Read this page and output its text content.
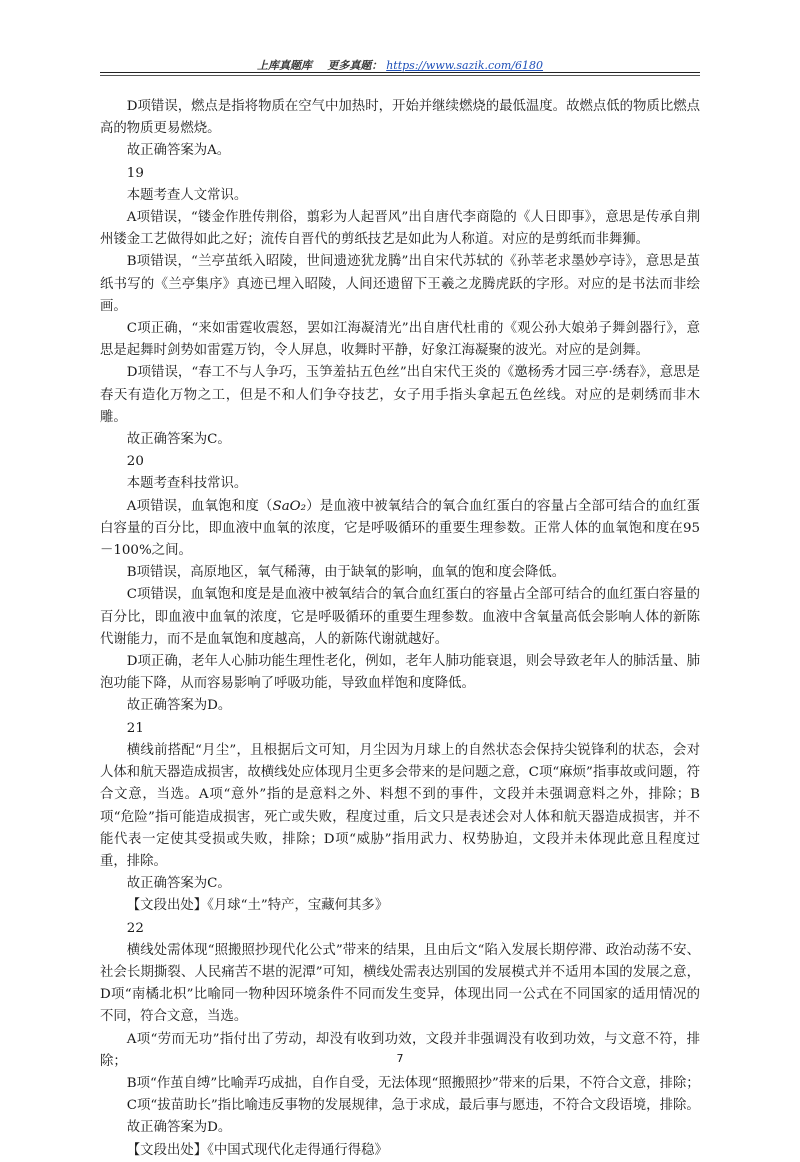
上库真题库 更多真题： https://www.sazik.com/6180

D项错误，燃点是指将物质在空气中加热时，开始并继续燃烧的最低温度。故燃点低的物质比燃点高的物质更易燃烧。

故正确答案为A。

19

本题考查人文常识。

A项错误，“镂金作胜传荆俗，翦彩为人起晋风”出自唐代李商隐的《人日即事》，意思是传承自荆州镂金工艺做得如此之好；流传自晋代的剪纸技艺是如此为人称道。对应的是剪纸而非舞狮。

B项错误，“兰亭茧纸入昭陵，世间遗迹犹龙腾”出自宋代苏轼的《孙莘老求墨妙亭诗》，意思是茧纸书写的《兰亭集序》真迹已埋入昭陵，人间还遗留下王羲之龙腾虎跃的字形。对应的是书法而非绘画。

C项正确，“来如雷霆收震怒，罢如江海凝清光”出自唐代杜甫的《观公孙大娘弟子舞剑器行》，意思是起舞时剑势如雷霆万钧，令人屏息，收舞时平静，好象江海凝聚的波光。对应的是剑舞。

D项错误，“春工不与人争巧，玉笋羞拈五色丝”出自宋代王炎的《邀杨秀才园三亭·绣春》，意思是春天有造化万物之工，但是不和人们争夺技艺，女子用手指头拿起五色丝线。对应的是刺绣而非木雕。

故正确答案为C。

20

本题考查科技常识。

A项错误，血氧饱和度（SaO₂）是血液中被氧结合的氧合血红蛋白的容量占全部可结合的血红蛋白容量的百分比，即血液中血氧的浓度，它是呼吸循环的重要生理参数。正常人体的血氧饱和度在95－100%之间。

B项错误，高原地区，氧气稀薄，由于缺氧的影响，血氧的饱和度会降低。

C项错误，血氧饱和度是是血液中被氧结合的氧合血红蛋白的容量占全部可结合的血红蛋白容量的百分比，即血液中血氧的浓度，它是呼吸循环的重要生理参数。血液中含氧量高低会影响人体的新陈代谢能力，而不是血氧饱和度越高，人的新陈代谢就越好。

D项正确，老年人心肺功能生理性老化，例如，老年人肺功能衰退，则会导致老年人的肺活量、肺泡功能下降，从而容易影响了呼吸功能，导致血样饱和度降低。

故正确答案为D。

21

横线前搭配“月尘”，且根据后文可知，月尘因为月球上的自然状态会保持尖锐锋利的状态，会对人体和航天器造成损害，故横线处应体现月尘更多会带来的是问题之意，C项“麻烦”指事故或问题，符合文意，当选。A项“意外”指的是意料之外、料想不到的事件，文段并未强调意料之外，排除；B项“危险”指可能造成损害，死亡或失败，程度过重，后文只是表述会对人体和航天器造成损害，并不能代表一定使其受损或失败，排除；D项“威胁”指用武力、权势胁迫，文段并未体现此意且程度过重，排除。

故正确答案为C。

【文段出处】《月球“土”特产，宝藏何其多》

22

横线处需体现“照搬照抄现代化公式”带来的结果，且由后文“陷入发展长期停滞、政治动荡不安、社会长期撕裂、人民痛苦不堪的泥潭”可知，横线处需表达别国的发展模式并不适用本国的发展之意，D项“南橘北枳”比喻同一物种因环境条件不同而发生变异，体现出同一公式在不同国家的适用情况的不同，符合文意，当选。

A项“劳而无功”指付出了劳动，却没有收到功效，文段并非强调没有收到功效，与文意不符，排除；

B项“作茧自缚”比喻弄巧成拙，自作自受，无法体现“照搬照抄”带来的后果，不符合文意，排除；

C项“拔苗助长”指比喻违反事物的发展规律，急于求成，最后事与愿违，不符合文段语境，排除。

故正确答案为D。

【文段出处】《中国式现代化走得通行得稳》

7
